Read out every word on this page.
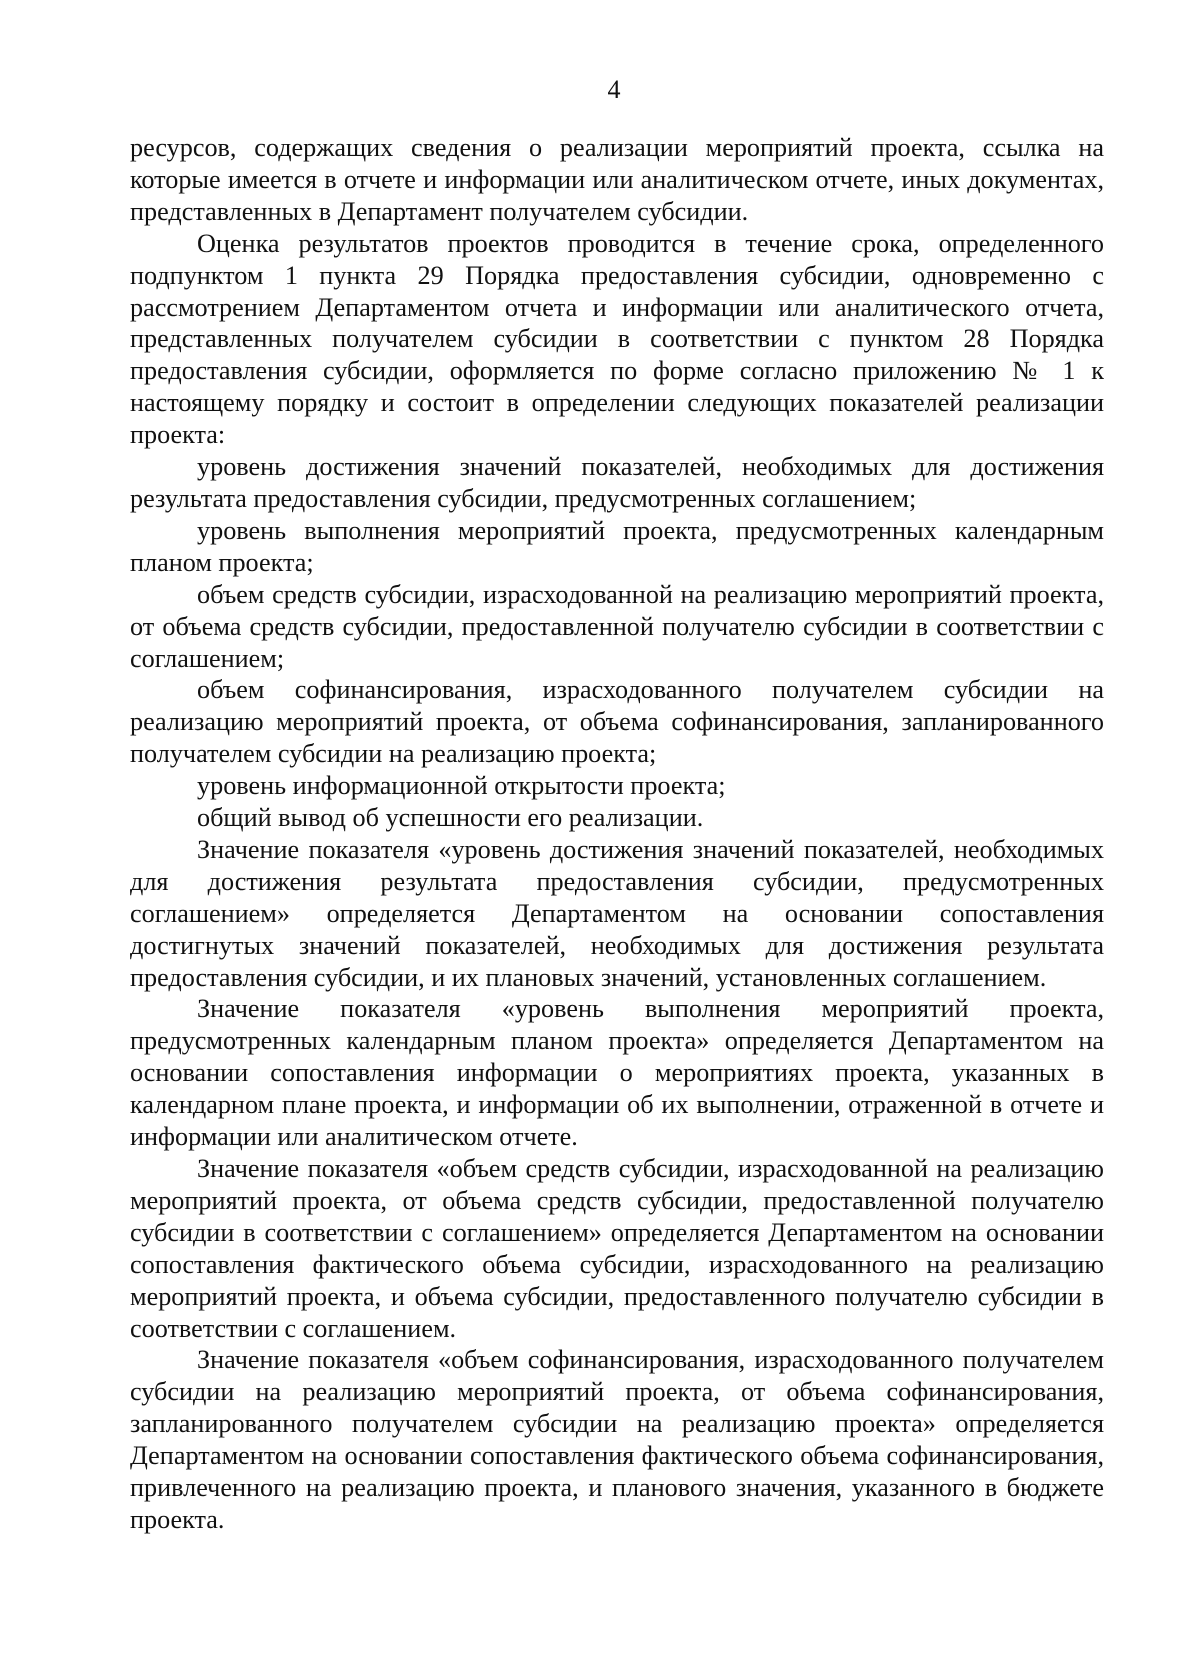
4

ресурсов, содержащих сведения о реализации мероприятий проекта, ссылка на которые имеется в отчете и информации или аналитическом отчете, иных документах, представленных в Департамент получателем субсидии.

Оценка результатов проектов проводится в течение срока, определенного подпунктом 1 пункта 29 Порядка предоставления субсидии, одновременно с рассмотрением Департаментом отчета и информации или аналитического отчета, представленных получателем субсидии в соответствии с пунктом 28 Порядка предоставления субсидии, оформляется по форме согласно приложению № 1 к настоящему порядку и состоит в определении следующих показателей реализации проекта:

уровень достижения значений показателей, необходимых для достижения результата предоставления субсидии, предусмотренных соглашением;

уровень выполнения мероприятий проекта, предусмотренных календарным планом проекта;

объем средств субсидии, израсходованной на реализацию мероприятий проекта, от объема средств субсидии, предоставленной получателю субсидии в соответствии с соглашением;

объем софинансирования, израсходованного получателем субсидии на реализацию мероприятий проекта, от объема софинансирования, запланированного получателем субсидии на реализацию проекта;

уровень информационной открытости проекта;

общий вывод об успешности его реализации.

Значение показателя «уровень достижения значений показателей, необходимых для достижения результата предоставления субсидии, предусмотренных соглашением» определяется Департаментом на основании сопоставления достигнутых значений показателей, необходимых для достижения результата предоставления субсидии, и их плановых значений, установленных соглашением.

Значение показателя «уровень выполнения мероприятий проекта, предусмотренных календарным планом проекта» определяется Департаментом на основании сопоставления информации о мероприятиях проекта, указанных в календарном плане проекта, и информации об их выполнении, отраженной в отчете и информации или аналитическом отчете.

Значение показателя «объем средств субсидии, израсходованной на реализацию мероприятий проекта, от объема средств субсидии, предоставленной получателю субсидии в соответствии с соглашением» определяется Департаментом на основании сопоставления фактического объема субсидии, израсходованного на реализацию мероприятий проекта, и объема субсидии, предоставленного получателю субсидии в соответствии с соглашением.

Значение показателя «объем софинансирования, израсходованного получателем субсидии на реализацию мероприятий проекта, от объема софинансирования, запланированного получателем субсидии на реализацию проекта» определяется Департаментом на основании сопоставления фактического объема софинансирования, привлеченного на реализацию проекта, и планового значения, указанного в бюджете проекта.
